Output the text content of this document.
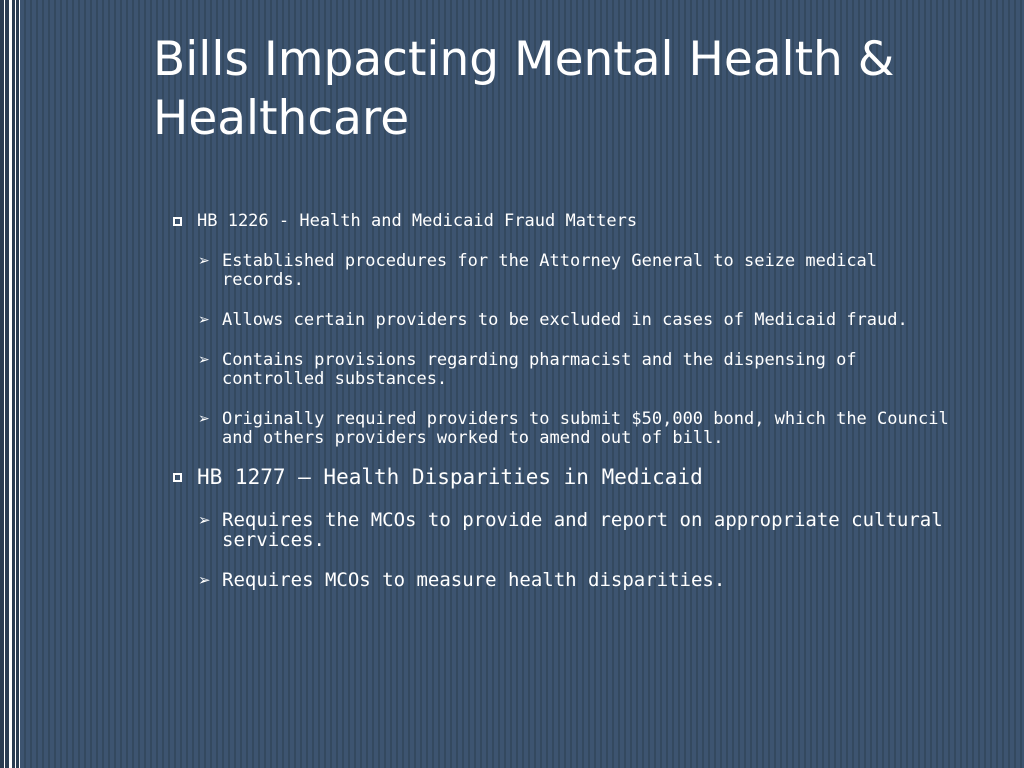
Bills Impacting Mental Health & Healthcare
HB 1226 - Health and Medicaid Fraud Matters
➢ Established procedures for the Attorney General to seize medical records.
➢ Allows certain providers to be excluded in cases of Medicaid fraud.
➢ Contains provisions regarding pharmacist and the dispensing of controlled substances.
➢ Originally required providers to submit $50,000 bond, which the Council and others providers worked to amend out of bill.
HB 1277 – Health Disparities in Medicaid
➢ Requires the MCOs to provide and report on appropriate cultural services.
➢ Requires MCOs to measure health disparities.
